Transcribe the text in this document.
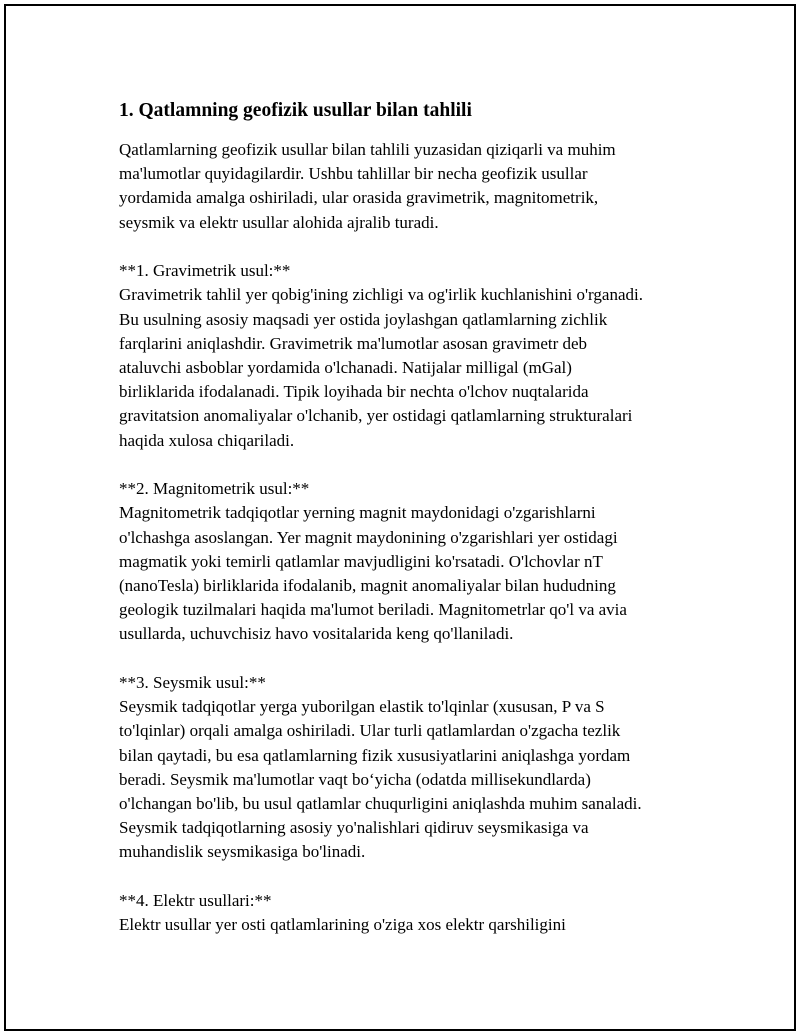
1. Qatlamning geofizik usullar bilan tahlili

Qatlamlarning geofizik usullar bilan tahlili yuzasidan qiziqarli va muhim
ma'lumotlar quyidagilardir. Ushbu tahlillar bir necha geofizik usullar
yordamida amalga oshiriladi, ular orasida gravimetrik, magnitometrik,
seysmik va elektr usullar alohida ajralib turadi.

**1. Gravimetrik usul:**
Gravimetrik tahlil yer qobig'ining zichligi va og'irlik kuchlanishini o'rganadi.
Bu usulning asosiy maqsadi yer ostida joylashgan qatlamlarning zichlik
farqlarini aniqlashdir. Gravimetrik ma'lumotlar asosan gravimetr deb
ataluvchi asboblar yordamida o'lchanadi. Natijalar milligal (mGal)
birliklarida ifodalanadi. Tipik loyihada bir nechta o'lchov nuqtalarida
gravitatsion anomaliyalar o'lchanib, yer ostidagi qatlamlarning strukturalari
haqida xulosa chiqariladi.

**2. Magnitometrik usul:**
Magnitometrik tadqiqotlar yerning magnit maydonidagi o'zgarishlarni
o'lchashga asoslangan. Yer magnit maydonining o'zgarishlari yer ostidagi
magmatik yoki temirli qatlamlar mavjudligini ko'rsatadi. O'lchovlar nT
(nanoTesla) birliklarida ifodalanib, magnit anomaliyalar bilan hududning
geologik tuzilmalari haqida ma'lumot beriladi. Magnitometrlar qo'l va avia
usullarda, uchuvchisiz havo vositalarida keng qo'llaniladi.

**3. Seysmik usul:**
Seysmik tadqiqotlar yerga yuborilgan elastik to'lqinlar (xususan, P va S
to'lqinlar) orqali amalga oshiriladi. Ular turli qatlamlardan o'zgacha tezlik
bilan qaytadi, bu esa qatlamlarning fizik xususiyatlarini aniqlashga yordam
beradi. Seysmik ma'lumotlar vaqt bo‘yicha (odatda millisekundlarda)
o'lchangan bo'lib, bu usul qatlamlar chuqurligini aniqlashda muhim sanaladi.
Seysmik tadqiqotlarning asosiy yo'nalishlari qidiruv seysmikasiga va
muhandislik seysmikasiga bo'linadi.

**4. Elektr usullari:**
Elektr usullar yer osti qatlamlarining o'ziga xos elektr qarshiligini
